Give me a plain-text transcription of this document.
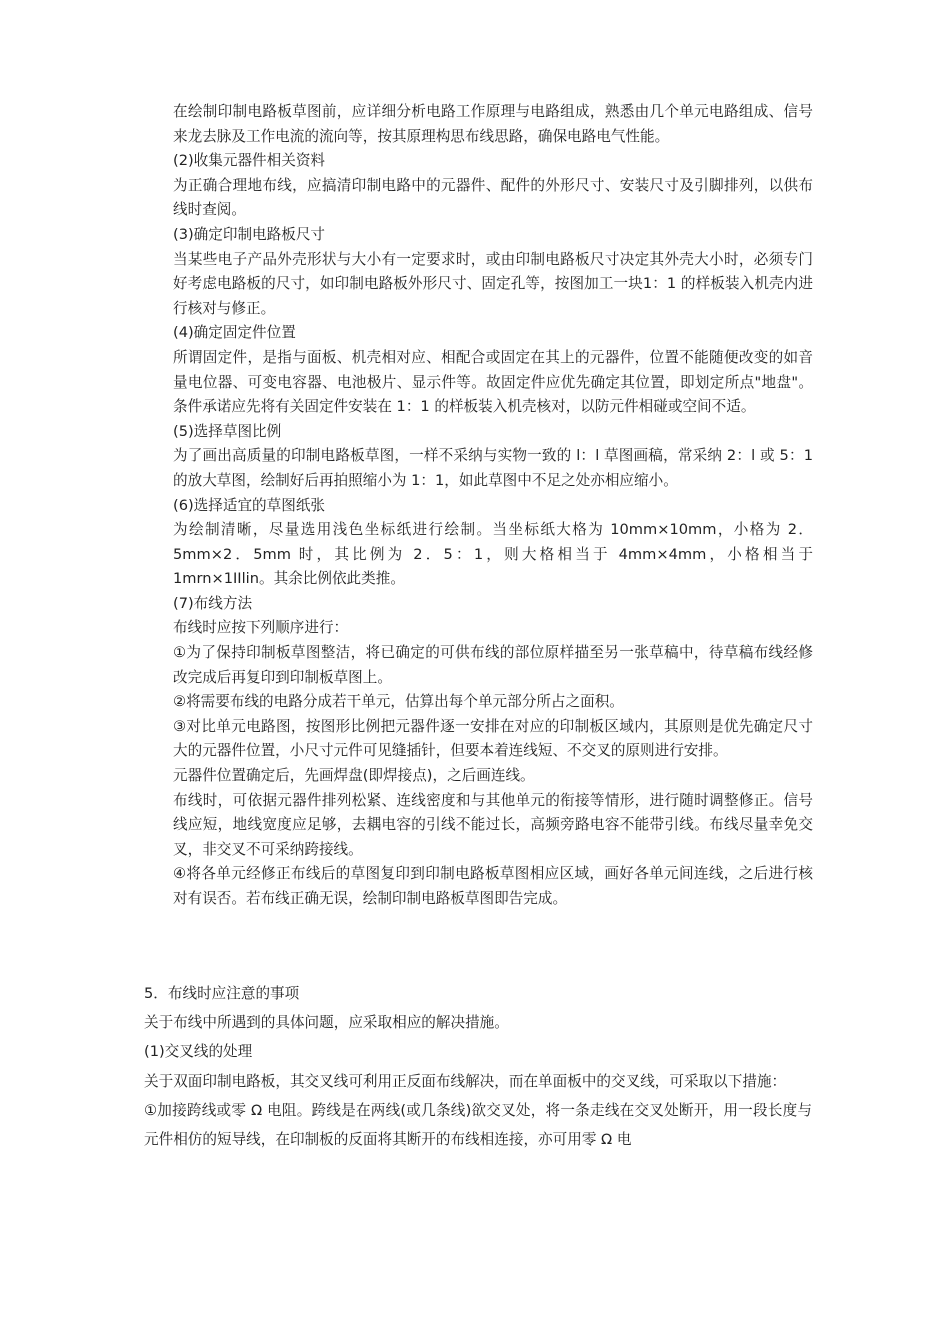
在绘制印制电路板草图前，应详细分析电路工作原理与电路组成，熟悉由几个单元电路组成、信号来龙去脉及工作电流的流向等，按其原理构思布线思路，确保电路电气性能。

(2)收集元器件相关资料

为正确合理地布线，应搞清印制电路中的元器件、配件的外形尺寸、安装尺寸及引脚排列，以供布线时查阅。

(3)确定印制电路板尺寸

当某些电子产品外壳形状与大小有一定要求时，或由印制电路板尺寸决定其外壳大小时，必须专门好考虑电路板的尺寸，如印制电路板外形尺寸、固定孔等，按图加工一块1：1 的样板装入机壳内进行核对与修正。

(4)确定固定件位置

所谓固定件，是指与面板、机壳相对应、相配合或固定在其上的元器件，位置不能随便改变的如音量电位器、可变电容器、电池极片、显示件等。故固定件应优先确定其位置，即划定所点"地盘"。条件承诺应先将有关固定件安装在 1：1 的样板装入机壳核对，以防元件相碰或空间不适。

(5)选择草图比例

为了画出高质量的印制电路板草图，一样不采纳与实物一致的 l：l 草图画稿，常采纳 2：l 或 5：1 的放大草图，绘制好后再拍照缩小为 1：1，如此草图中不足之处亦相应缩小。

(6)选择适宜的草图纸张

为绘制清晰，尽量选用浅色坐标纸进行绘制。当坐标纸大格为 10mm×10mm，小格为 2．5mm×2．5mm 时，其比例为 2．5：1，则大格相当于 4mm×4mm，小格相当于 1mrn×1IIlin。其余比例依此类推。

(7)布线方法

布线时应按下列顺序进行：

①为了保持印制板草图整洁，将已确定的可供布线的部位原样描至另一张草稿中，待草稿布线经修改完成后再复印到印制板草图上。

②将需要布线的电路分成若干单元，估算出每个单元部分所占之面积。

③对比单元电路图，按图形比例把元器件逐一安排在对应的印制板区域内，其原则是优先确定尺寸大的元器件位置，小尺寸元件可见缝插针，但要本着连线短、不交叉的原则进行安排。

元器件位置确定后，先画焊盘(即焊接点)，之后画连线。

布线时，可依据元器件排列松紧、连线密度和与其他单元的衔接等情形，进行随时调整修正。信号线应短，地线宽度应足够，去耦电容的引线不能过长，高频旁路电容不能带引线。布线尽量幸免交叉，非交叉不可采纳跨接线。

④将各单元经修正布线后的草图复印到印制电路板草图相应区域，画好各单元间连线，之后进行核对有误否。若布线正确无误，绘制印制电路板草图即告完成。

5．布线时应注意的事项

关于布线中所遇到的具体问题，应采取相应的解决措施。

(1)交叉线的处理

关于双面印制电路板，其交叉线可利用正反面布线解决，而在单面板中的交叉线，可采取以下措施：

①加接跨线或零 Ω 电阻。跨线是在两线(或几条线)欲交叉处，将一条走线在交叉处断开，用一段长度与元件相仿的短导线，在印制板的反面将其断开的布线相连接，亦可用零 Ω 电
